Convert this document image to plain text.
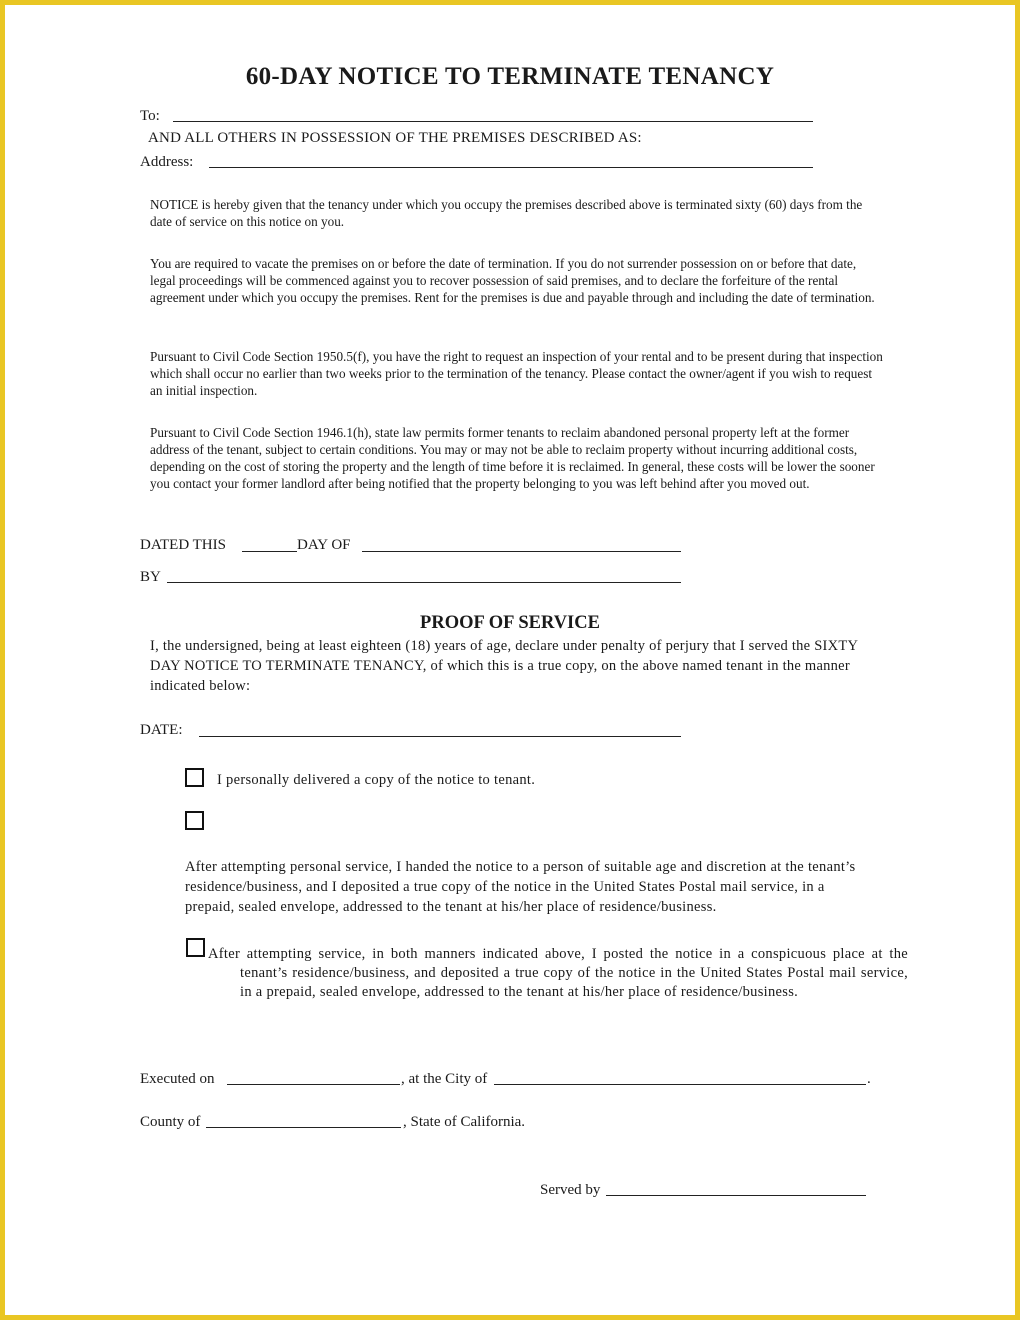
60-DAY NOTICE TO TERMINATE TENANCY
To:
AND ALL OTHERS IN POSSESSION OF THE PREMISES DESCRIBED AS:
Address:
NOTICE is hereby given that the tenancy under which you occupy the premises described above is terminated sixty (60) days from the date of service on this notice on you.
You are required to vacate the premises on or before the date of termination. If you do not surrender possession on or before that date, legal proceedings will be commenced against you to recover possession of said premises, and to declare the forfeiture of the rental agreement under which you occupy the premises. Rent for the premises is due and payable through and including the date of termination.
Pursuant to Civil Code Section 1950.5(f), you have the right to request an inspection of your rental and to be present during that inspection which shall occur no earlier than two weeks prior to the termination of the tenancy. Please contact the owner/agent if you wish to request an initial inspection.
Pursuant to Civil Code Section 1946.1(h), state law permits former tenants to reclaim abandoned personal property left at the former address of the tenant, subject to certain conditions. You may or may not be able to reclaim property without incurring additional costs, depending on the cost of storing the property and the length of time before it is reclaimed. In general, these costs will be lower the sooner you contact your former landlord after being notified that the property belonging to you was left behind after you moved out.
DATED THIS	DAY OF
BY
PROOF OF SERVICE
I, the undersigned, being at least eighteen (18) years of age, declare under penalty of perjury that I served the SIXTY DAY NOTICE TO TERMINATE TENANCY, of which this is a true copy, on the above named tenant in the manner indicated below:
DATE:
I personally delivered a copy of the notice to tenant.
After attempting personal service, I handed the notice to a person of suitable age and discretion at the tenant’s residence/business, and I deposited a true copy of the notice in the United States Postal mail service, in a prepaid, sealed envelope, addressed to the tenant at his/her place of residence/business.
After attempting service, in both manners indicated above, I posted the notice in a conspicuous place at the tenant’s residence/business, and deposited a true copy of the notice in the United States Postal mail service, in a prepaid, sealed envelope, addressed to the tenant at his/her place of residence/business.
Executed on	, at the City of	.
County of	, State of California.
Served by
